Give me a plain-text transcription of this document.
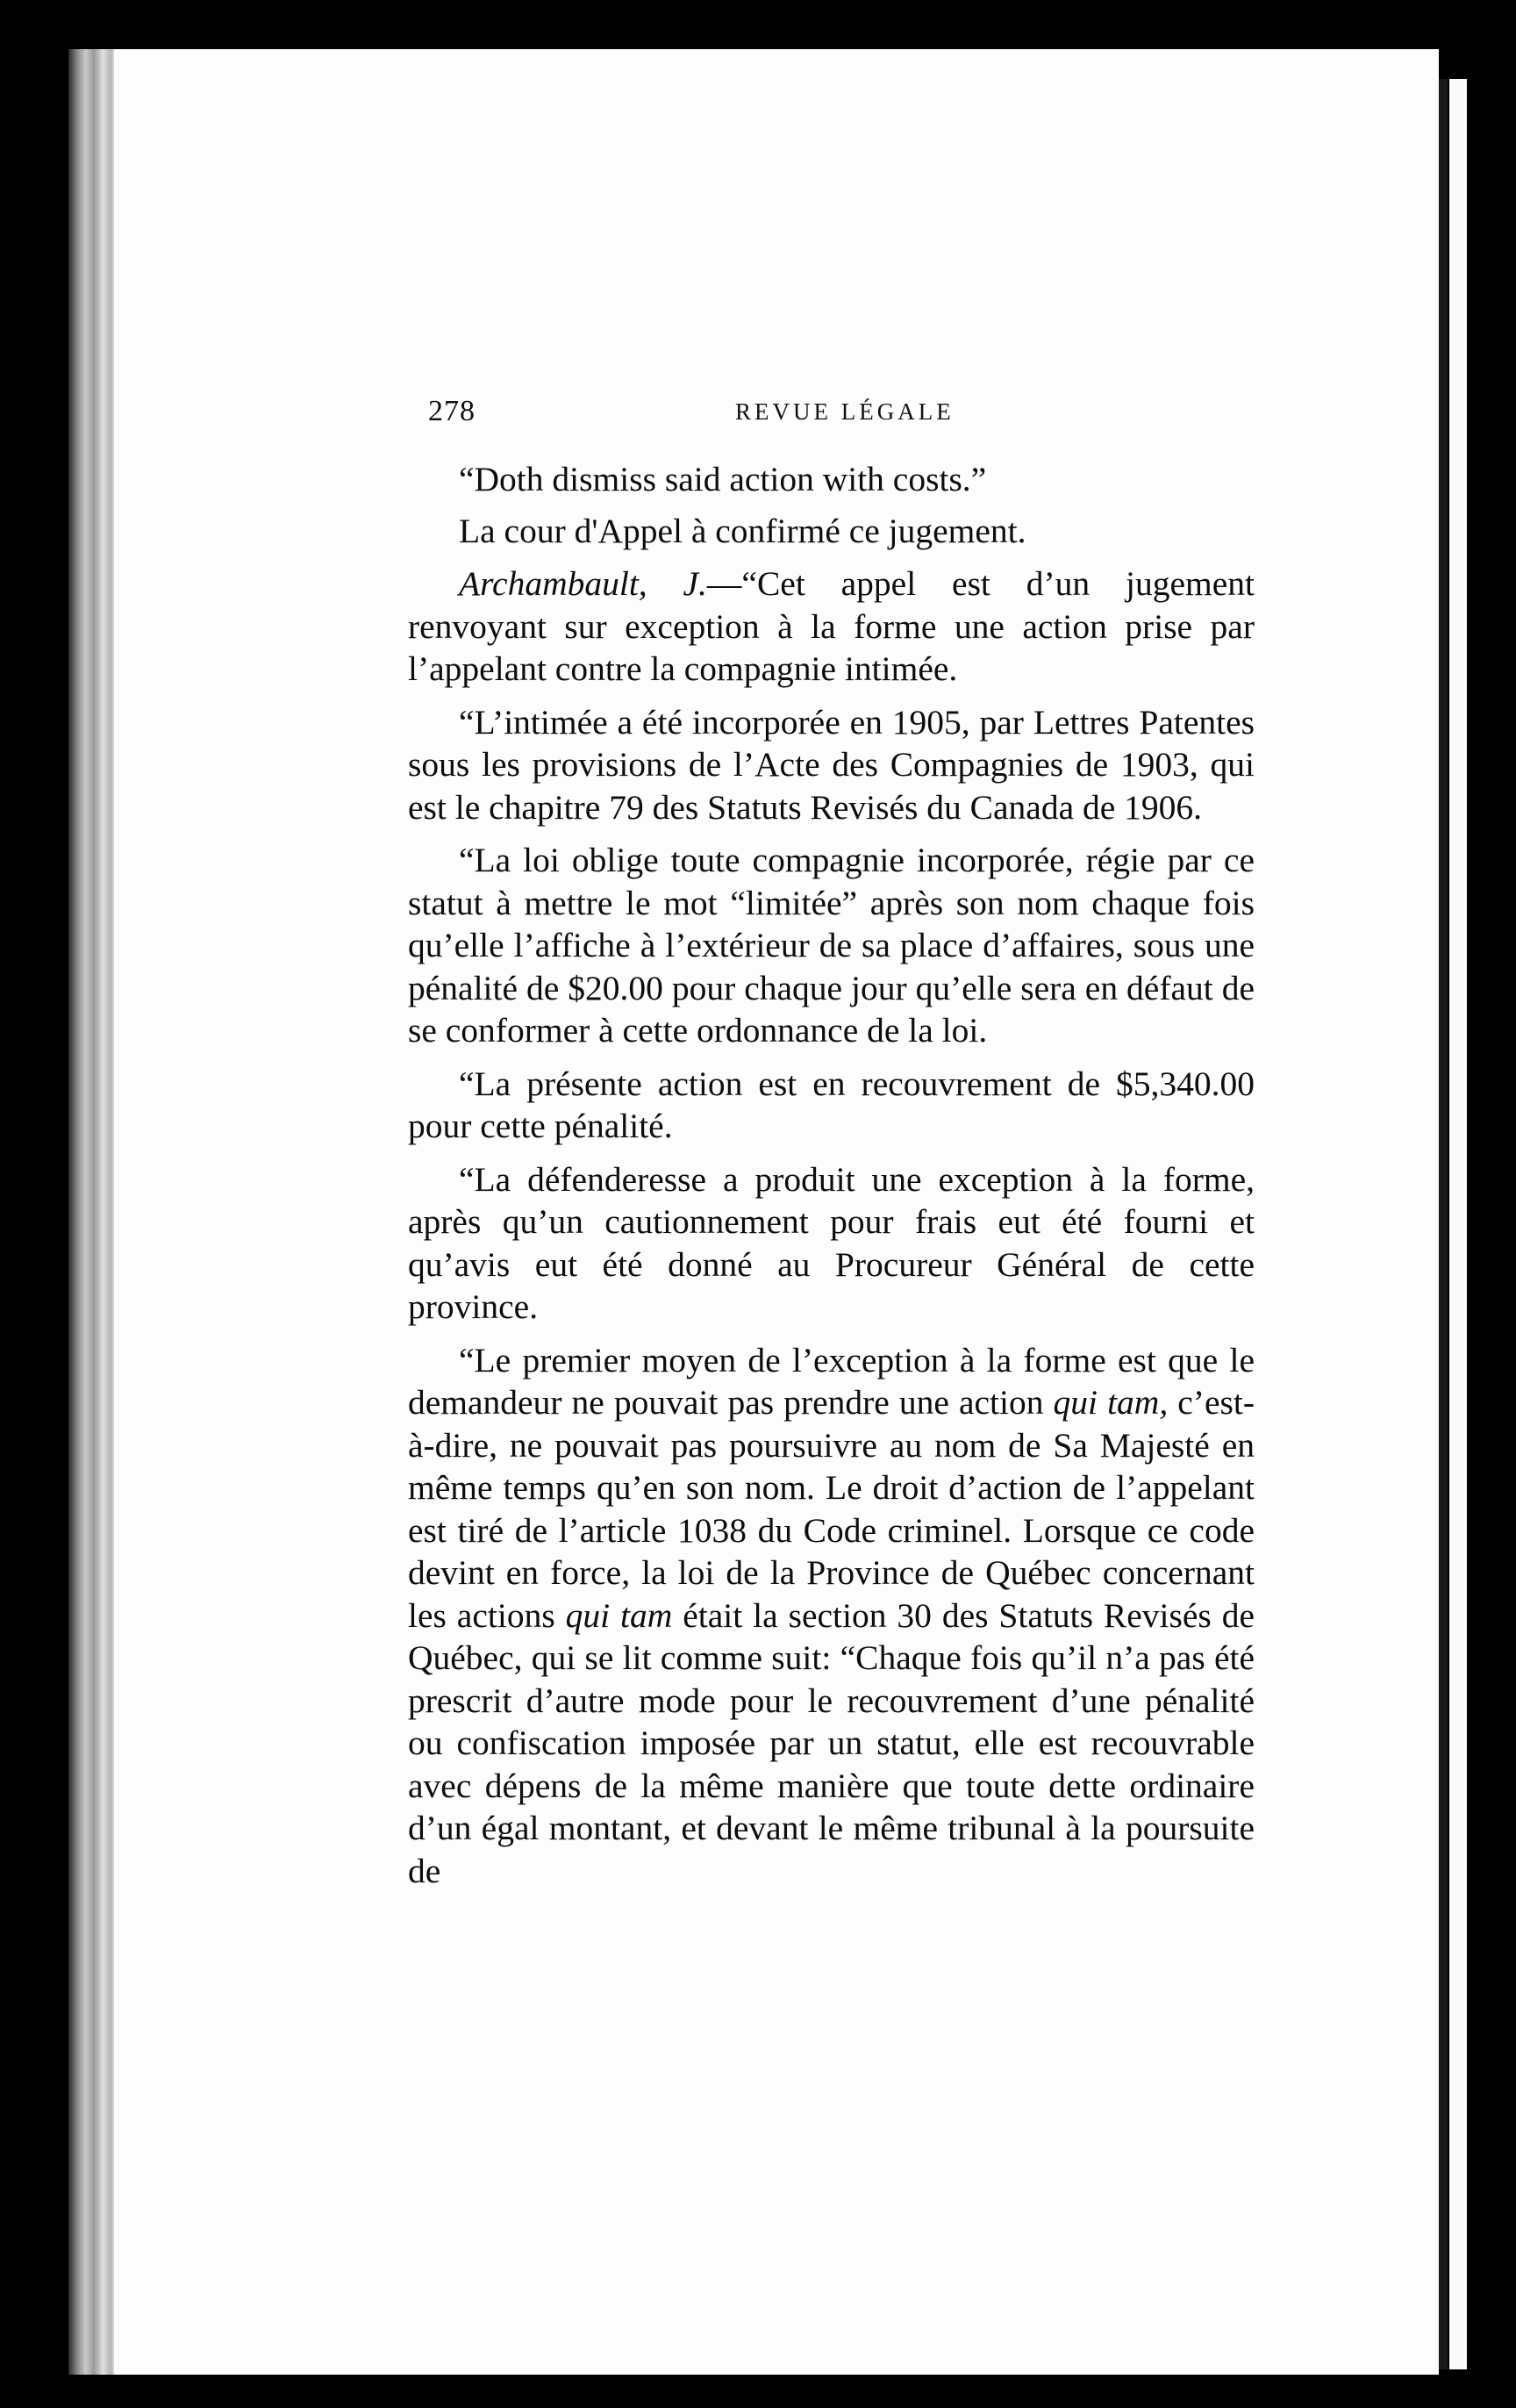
278	REVUE LÉGALE

“Doth dismiss said action with costs.”

La cour d'Appel à confirmé ce jugement.

Archambault, J.—“Cet appel est d’un jugement renvoyant sur exception à la forme une action prise par l’appelant contre la compagnie intimée.

“L’intimée a été incorporée en 1905, par Lettres Patentes sous les provisions de l’Acte des Compagnies de 1903, qui est le chapitre 79 des Statuts Revisés du Canada de 1906.

“La loi oblige toute compagnie incorporée, régie par ce statut à mettre le mot “limitée” après son nom chaque fois qu’elle l’affiche à l’extérieur de sa place d’affaires, sous une pénalité de $20.00 pour chaque jour qu’elle sera en défaut de se conformer à cette ordonnance de la loi.

“La présente action est en recouvrement de $5,340.00 pour cette pénalité.

“La défenderesse a produit une exception à la forme, après qu’un cautionnement pour frais eut été fourni et qu’avis eut été donné au Procureur Général de cette province.

“Le premier moyen de l’exception à la forme est que le demandeur ne pouvait pas prendre une action qui tam, c’est-à-dire, ne pouvait pas poursuivre au nom de Sa Majesté en même temps qu’en son nom. Le droit d’action de l’appelant est tiré de l’article 1038 du Code criminel. Lorsque ce code devint en force, la loi de la Province de Québec concernant les actions qui tam était la section 30 des Statuts Revisés de Québec, qui se lit comme suit: “Chaque fois qu’il n’a pas été prescrit d’autre mode pour le recouvrement d’une pénalité ou confiscation imposée par un statut, elle est recouvrable avec dépens de la même manière que toute dette ordinaire d’un égal montant, et devant le même tribunal à la poursuite de
